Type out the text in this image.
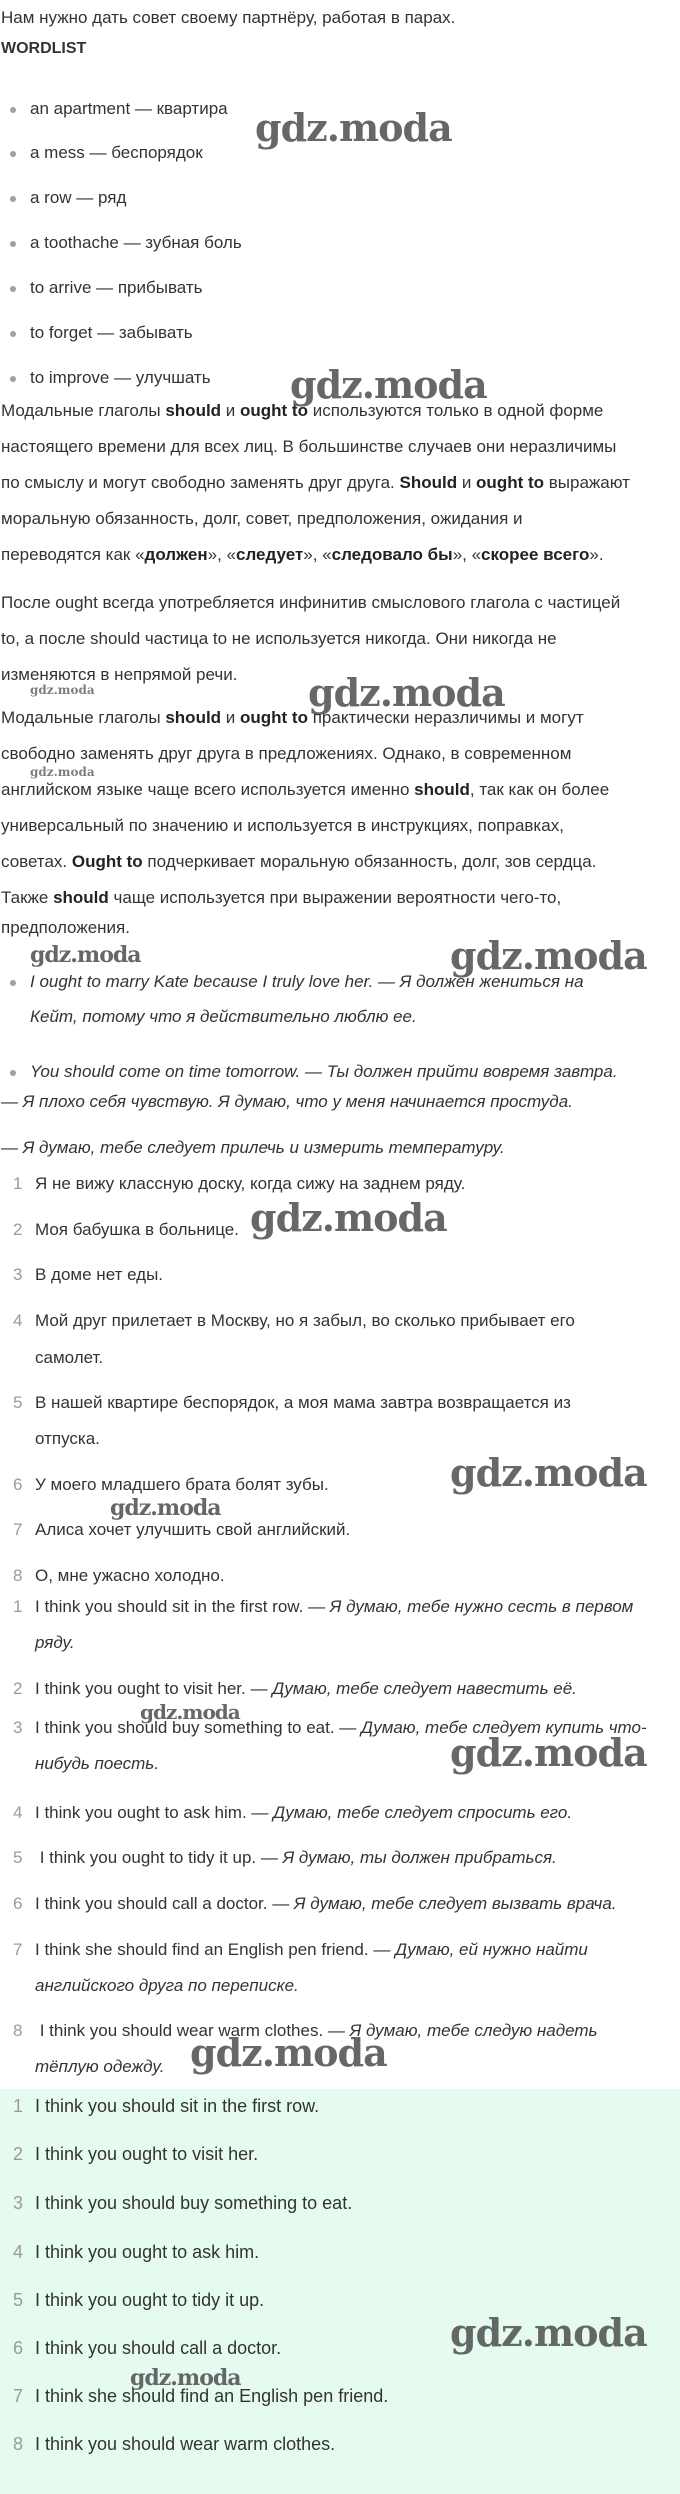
Нам нужно дать совет своему партнёру, работая в парах.
WORDLIST
an apartment — квартира
a mess — беспорядок
a row — ряд
a toothache — зубная боль
to arrive — прибывать
to forget — забывать
to improve — улучшать
Модальные глаголы should и ought to используются только в одной форме
настоящего времени для всех лиц. В большинстве случаев они неразличимы
по смыслу и могут свободно заменять друг друга. Should и ought to выражают
моральную обязанность, долг, совет, предположения, ожидания и
переводятся как «должен», «следует», «следовало бы», «скорее всего».
После ought всегда употребляется инфинитив смыслового глагола с частицей
to, а после should частица to не используется никогда. Они никогда не
изменяются в непрямой речи.
Модальные глаголы should и ought to практически неразличимы и могут
свободно заменять друг друга в предложениях. Однако, в современном
английском языке чаще всего используется именно should, так как он более
универсальный по значению и используется в инструкциях, поправках,
советах. Ought to подчеркивает моральную обязанность, долг, зов сердца.
Также should чаще используется при выражении вероятности чего-то,
предположения.
I ought to marry Kate because I truly love her. — Я должен жениться на
Кейт, потому что я действительно люблю ее.
You should come on time tomorrow. — Ты должен прийти вовремя завтра.
— Я плохо себя чувствую. Я думаю, что у меня начинается простуда.
— Я думаю, тебе следует прилечь и измерить температуру.
1 Я не вижу классную доску, когда сижу на заднем ряду.
2 Моя бабушка в больнице.
3 В доме нет еды.
4 Мой друг прилетает в Москву, но я забыл, во сколько прибывает его
самолет.
5 В нашей квартире беспорядок, а моя мама завтра возвращается из
отпуска.
6 У моего младшего брата болят зубы.
7 Алиса хочет улучшить свой английский.
8 О, мне ужасно холодно.
1 I think you should sit in the first row. — Я думаю, тебе нужно сесть в первом
ряду.
2 I think you ought to visit her. — Думаю, тебе следует навестить её.
3 I think you should buy something to eat. — Думаю, тебе следует купить что-
нибудь поесть.
4 I think you ought to ask him. — Думаю, тебе следует спросить его.
5 I think you ought to tidy it up. — Я думаю, ты должен прибраться.
6 I think you should call a doctor. — Я думаю, тебе следует вызвать врача.
7 I think she should find an English pen friend. — Думаю, ей нужно найти
английского друга по переписке.
8 I think you should wear warm clothes. — Я думаю, тебе следую надеть
тёплую одежду.
1 I think you should sit in the first row.
2 I think you ought to visit her.
3 I think you should buy something to eat.
4 I think you ought to ask him.
5 I think you ought to tidy it up.
6 I think you should call a doctor.
7 I think she should find an English pen friend.
8 I think you should wear warm clothes.
gdz.moda
gdz.moda
gdz.moda
gdz.moda
gdz.moda
gdz.moda	gdz.moda
gdz.moda
gdz.moda
gdz.moda
gdz.moda
gdz.moda
gdz.moda
gdz.moda
gdz.moda
